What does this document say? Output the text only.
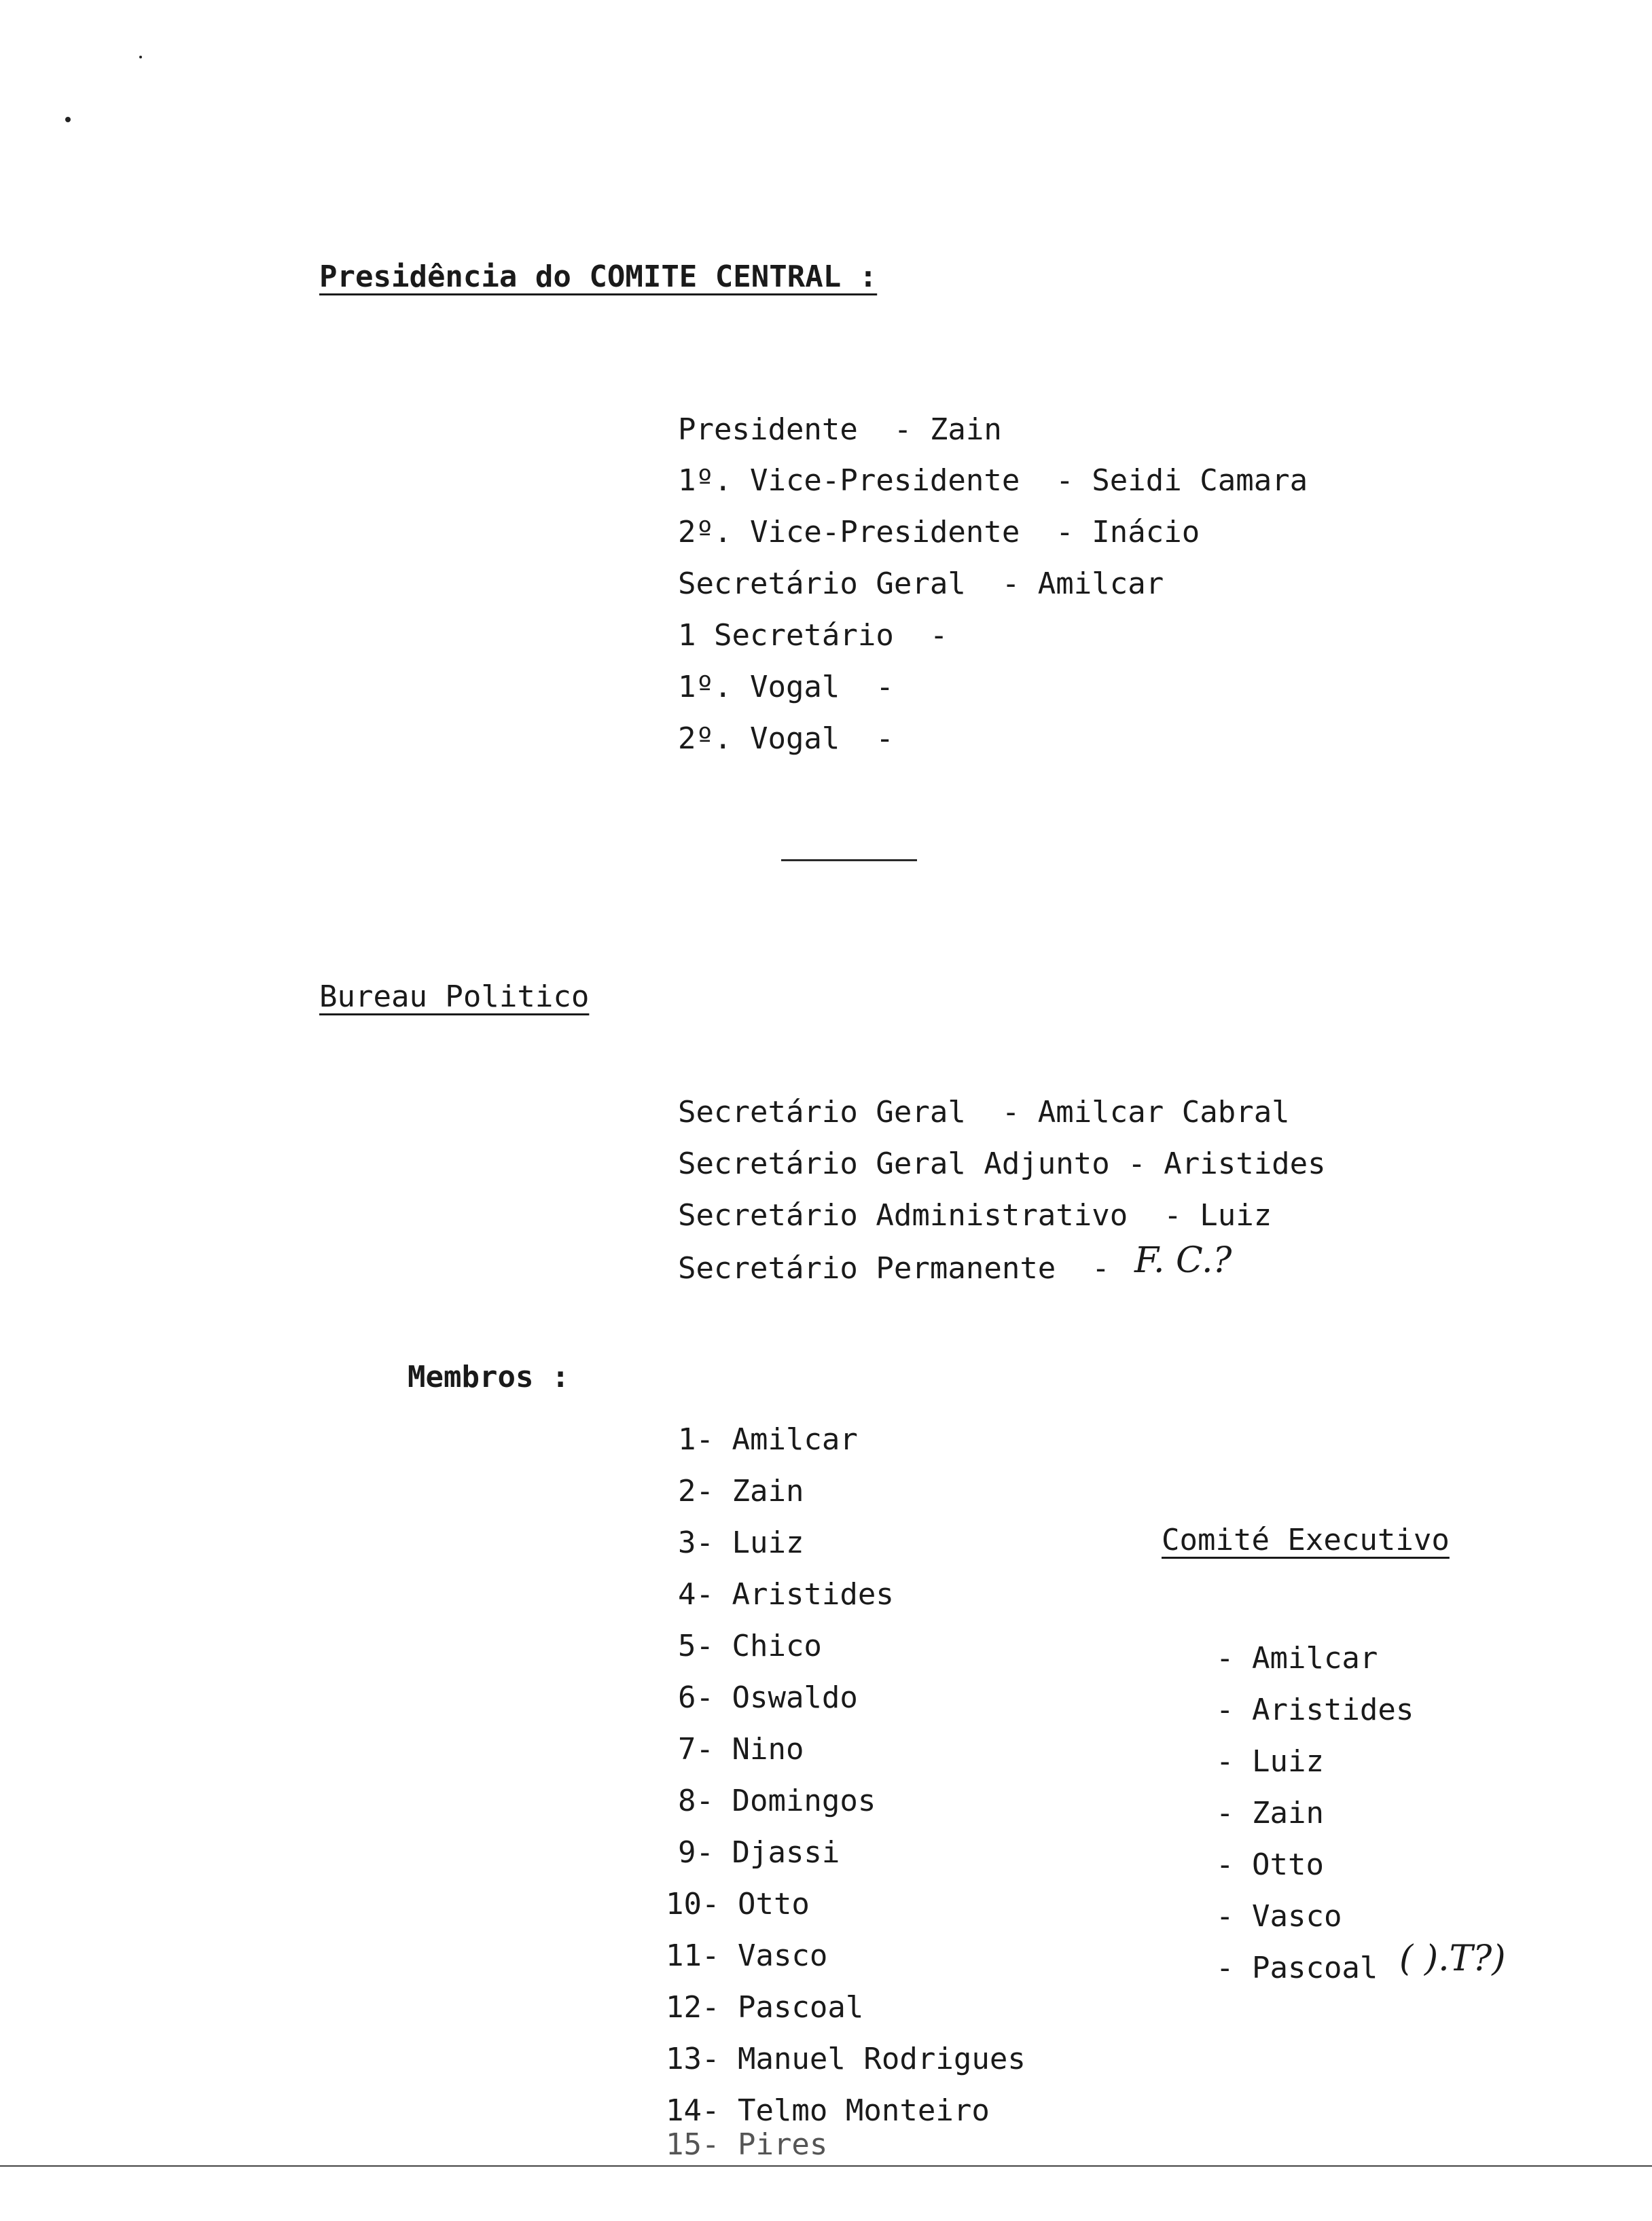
Presidência do COMITE CENTRAL :
Presidente  - Zain
1º. Vice-Presidente  - Seidi Camara
2º. Vice-Presidente  - Inácio
Secretário Geral  - Amilcar
1 Secretário  -
1º. Vogal  -
2º. Vogal  -
Bureau Politico
Secretário Geral  - Amilcar Cabral
Secretário Geral Adjunto - Aristides
Secretário Administrativo  - Luiz
Secretário Permanente  - F. C.?
Membros :
1- Amilcar
2- Zain
3- Luiz
4- Aristides
5- Chico
6- Oswaldo
7- Nino
8- Domingos
9- Djassi
10- Otto
11- Vasco
12- Pascoal
13- Manuel Rodrigues
14- Telmo Monteiro
15- Pires
Comité Executivo
- Amilcar
- Aristides
- Luiz
- Zain
- Otto
- Vasco
- Pascoal ( ).T?)
